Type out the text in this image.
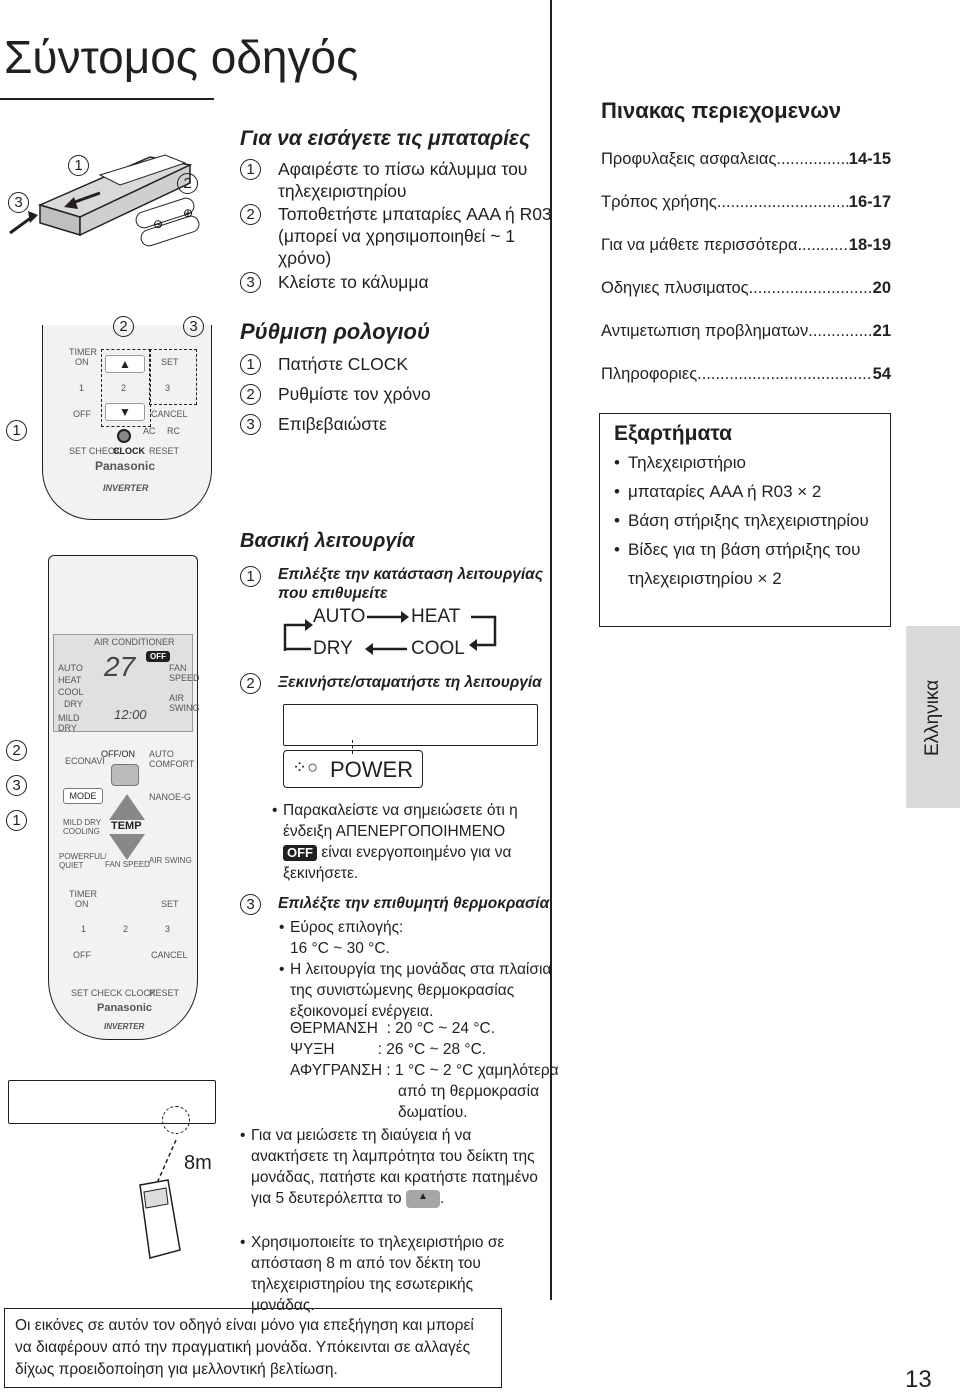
Σύντομος οδηγός
⊖
⊕
1
2
3
TIMER
ON	SET
1	2	3
OFF	CANCEL
AC RC
SET CHECK
CLOCK RESET
▲
▼
Panasonic
INVERTER
2	3
1
AIR CONDITIONER
AUTO
HEAT
COOL
DRY
MILD DRY
27
12:00
OFF
FAN SPEED
AIR SWING
OFF/ON AUTO COMFORT
ECONAVI
MODE	NANOE-G
TEMP
MILD DRY COOLING
POWERFUL/ QUIET	FAN SPEED AIR SWING
TIMER
ON	SET
1	2	3
OFF	CANCEL
SET CHECK CLOCK
RESET
Panasonic
INVERTER
2
3
1
8m
Για να εισάγετε τις μπαταρίες
1	Αφαιρέστε το πίσω κάλυμμα του τηλεχειριστηρίου
2	Τοποθετήστε μπαταρίες AAA ή R03 (μπορεί να χρησιμοποιηθεί ~ 1 χρόνο)
3	Κλείστε το κάλυμμα
Ρύθμιση ρολογιού
1	Πατήστε CLOCK
2	Ρυθμίστε τον χρόνο
3	Επιβεβαιώστε
Βασική λειτουργία
1	Επιλέξτε την κατάσταση λειτουργίας που επιθυμείτε
AUTO HEAT
DRY	COOL
2	Ξεκινήστε/σταματήστε τη λειτουργία
⁘○ POWER
• Παρακαλείστε να σημειώσετε ότι η ένδειξη ΑΠΕΝΕΡΓΟΠΟΙΗΜΕΝΟ OFF είναι ενεργοποιημένο για να ξεκινήσετε.
3	Επιλέξτε την επιθυμητή θερμοκρασία
• Εύρος επιλογής:
16 °C ~ 30 °C.
• Η λειτουργία της μονάδας στα πλαίσια της συνιστώμενης θερμοκρασίας εξοικονομεί ενέργεια.
ΘΕΡΜΑΝΣΗ  : 20 °C ~ 24 °C.
ΨΥΞΗ          : 26 °C ~ 28 °C.
ΑΦΥΓΡΑΝΣΗ : 1 °C ~ 2 °C χαμηλότερα
από τη θερμοκρασία
δωματίου.
• Για να μειώσετε τη διαύγεια ή να ανακτήσετε τη λαμπρότητα του δείκτη της μονάδας, πατήστε και κρατήστε πατημένο για 5 δευτερόλεπτα το ▲ .
• Χρησιμοποιείτε το τηλεχειριστήριο σε απόσταση 8 m από τον δέκτη του τηλεχειριστηρίου της εσωτερικής μονάδας.
Πινακας περιεχομενων
Προφυλαξεις ασφαλειας .....	14-15
Τρόπος χρήσης .....	16-17
Για να μάθετε περισσότερα... ..... 18-19
Οδηγιες πλυσιματος .....	20
Αντιμετωπιση προβληματων .....	21
Πληροφοριες .....	54
Εξαρτήματα
• Τηλεχειριστήριο
• μπαταρίες AAA ή R03 × 2
• Βάση στήριξης τηλεχειριστηρίου
• Βίδες για τη βάση στήριξης του τηλεχειριστηρίου × 2
Ελληνικα
Οι εικόνες σε αυτόν τον οδηγό είναι μόνο για επεξήγηση και μπορεί να διαφέρουν από την πραγματική μονάδα. Υπόκεινται σε αλλαγές δίχως προειδοποίηση για μελλοντική βελτίωση.	13
